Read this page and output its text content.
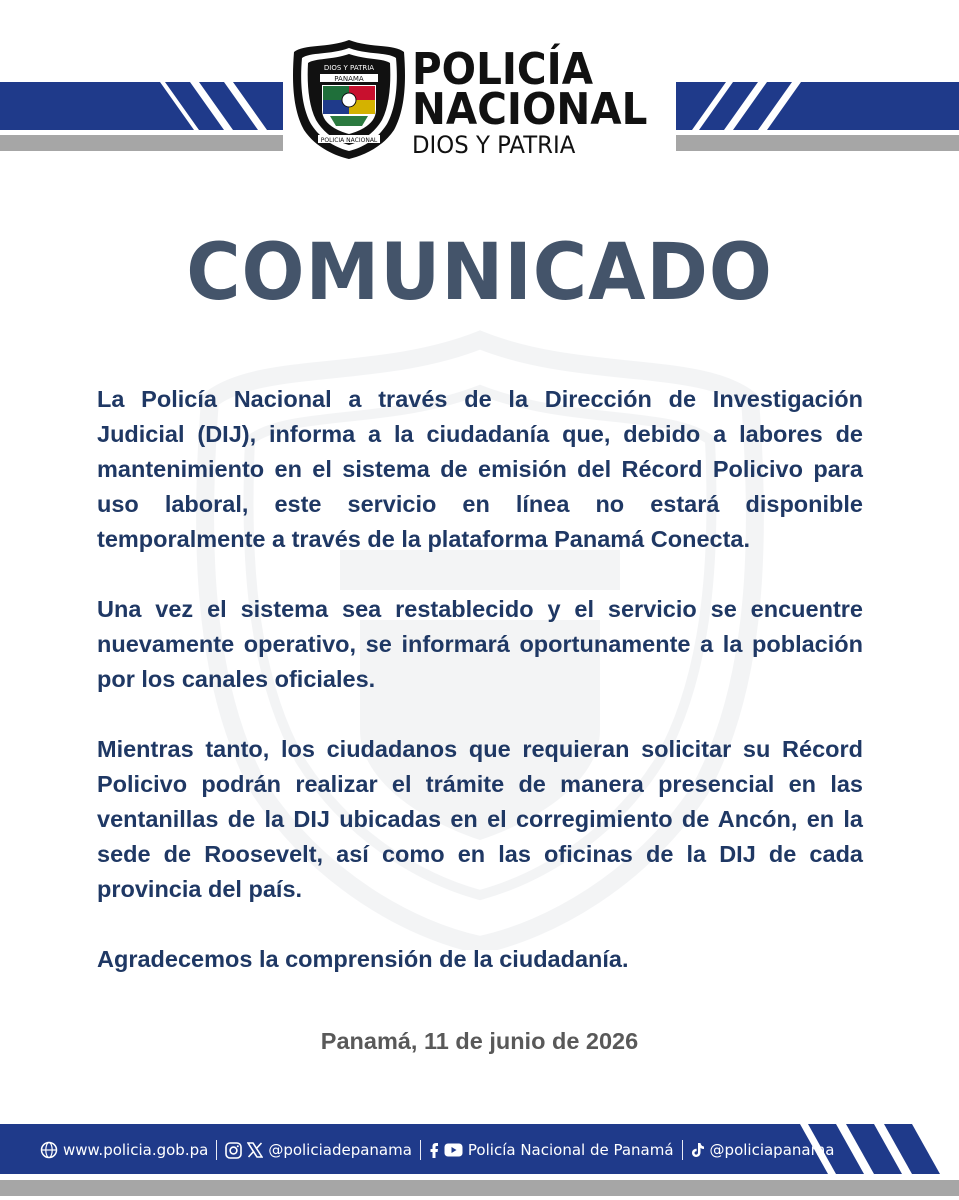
DIOS Y PATRIA
PANAMA
POLICIA NACIONAL
POLICÍA
NACIONAL
DIOS Y PATRIA
COMUNICADO

La Policía Nacional a través de la Dirección de Investigación Judicial (DIJ), informa a la ciudadanía que, debido a labores de mantenimiento en el sistema de emisión del Récord Policivo para uso laboral, este servicio en línea no estará disponible temporalmente a través de la plataforma Panamá Conecta.

Una vez el sistema sea restablecido y el servicio se encuentre nuevamente operativo, se informará oportunamente a la población por los canales oficiales.

Mientras tanto, los ciudadanos que requieran solicitar su Récord Policivo podrán realizar el trámite de manera presencial en las ventanillas de la DIJ ubicadas en el corregimiento de Ancón, en la sede de Roosevelt, así como en las oficinas de la DIJ de cada provincia del país.

Agradecemos la comprensión de la ciudadanía.

Panamá, 11 de junio de 2026
www.policia.gob.pa	@policiadepanama	Policía Nacional de Panamá @policiapanama
